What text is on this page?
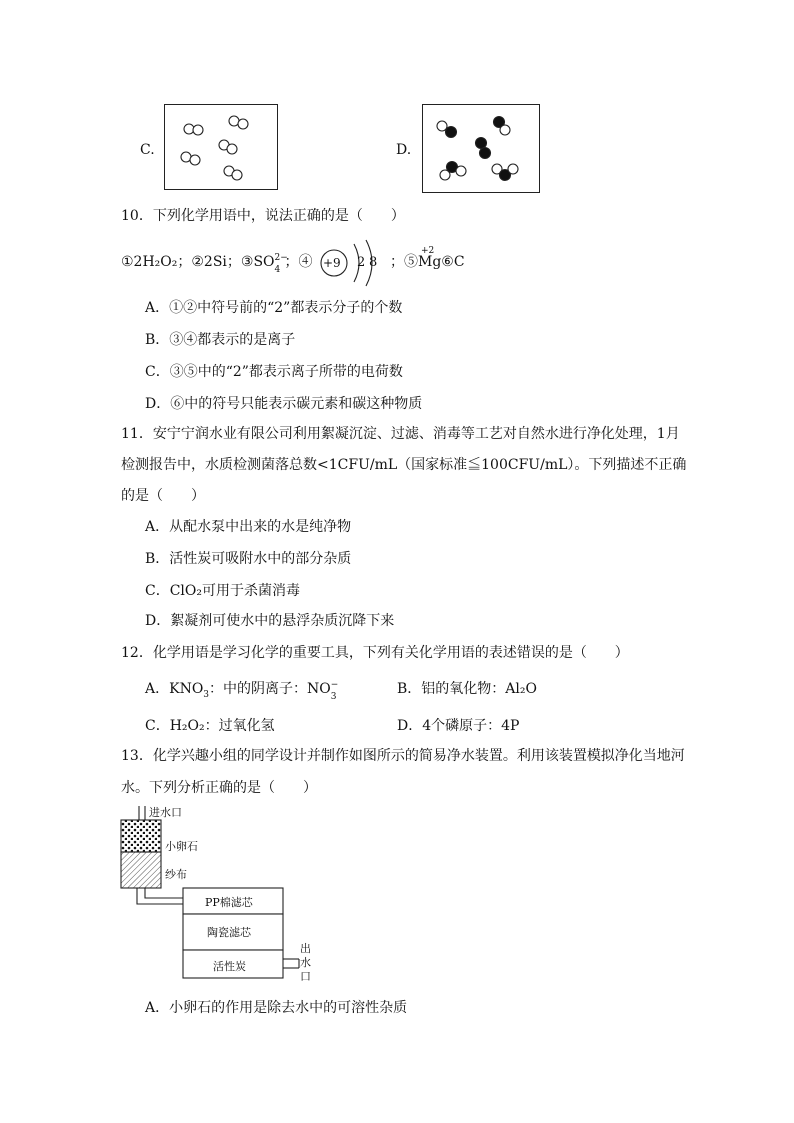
C.	D.
10．下列化学用语中，说法正确的是（　　）
①2H₂O₂；②2Si；③SO 2−
4 ；④ +9 2 8 ；⑤
+2
Mg⑥C
A．①②中符号前的“2”都表示分子的个数
B．③④都表示的是离子
C．③⑤中的“2”都表示离子所带的电荷数
D．⑥中的符号只能表示碳元素和碳这种物质
11．安宁宁润水业有限公司利用絮凝沉淀、过滤、消毒等工艺对自然水进行净化处理，1月
检测报告中，水质检测菌落总数<1CFU/mL（国家标准≦100CFU/mL）。下列描述不正确
的是（　　）
A．从配水泵中出来的水是纯净物
B．活性炭可吸附水中的部分杂质
C．ClO₂可用于杀菌消毒
D．絮凝剂可使水中的悬浮杂质沉降下来
12．化学用语是学习化学的重要工具，下列有关化学用语的表述错误的是（　　）
A．$KNO_3$：中的阴离子：NO −
3	B．铝的氧化物：Al₂O
C．H₂O₂：过氧化氢	D．4个磷原子：4P
13．化学兴趣小组的同学设计并制作如图所示的简易净水装置。利用该装置模拟净化当地河
水。下列分析正确的是（　　）
进水口
小卵石
纱布
PP棉滤芯
陶瓷滤芯
活性炭
出
水
口
A．小卵石的作用是除去水中的可溶性杂质
